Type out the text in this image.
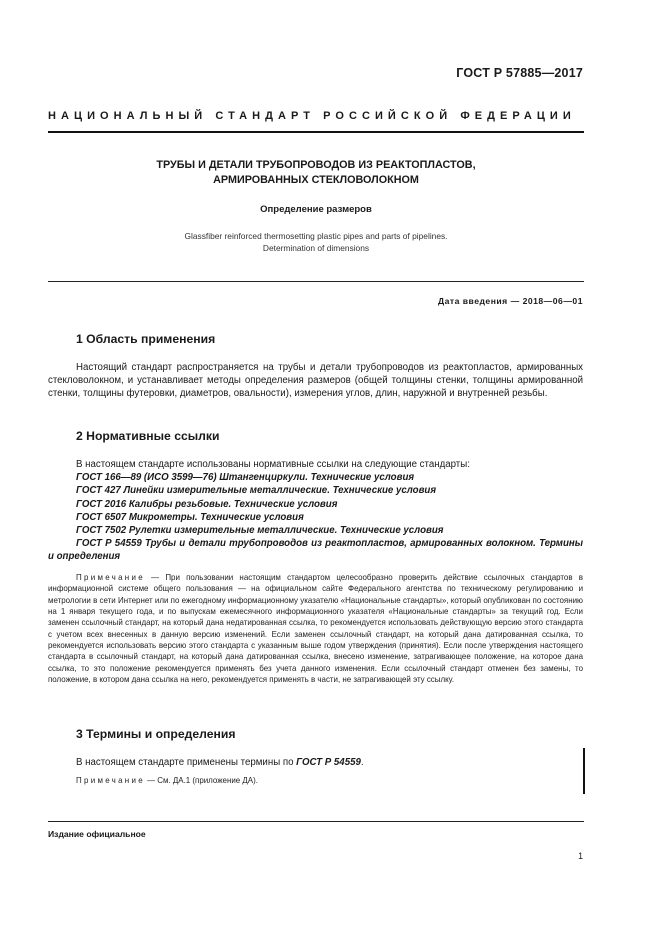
ГОСТ Р 57885—2017
НАЦИОНАЛЬНЫЙ СТАНДАРТ РОССИЙСКОЙ ФЕДЕРАЦИИ
ТРУБЫ И ДЕТАЛИ ТРУБОПРОВОДОВ ИЗ РЕАКТОПЛАСТОВ,
АРМИРОВАННЫХ СТЕКЛОВОЛОКНОМ
Определение размеров
Glassfiber reinforced thermosetting plastic pipes and parts of pipelines.
Determination of dimensions
Дата введения — 2018—06—01
1 Область применения
Настоящий стандарт распространяется на трубы и детали трубопроводов из реактопластов, армированных стекловолокном, и устанавливает методы определения размеров (общей толщины стенки, толщины армированной стенки, толщины футеровки, диаметров, овальности), измерения углов, длин, наружной и внутренней резьбы.
2 Нормативные ссылки
В настоящем стандарте использованы нормативные ссылки на следующие стандарты:
ГОСТ 166—89 (ИСО 3599—76) Штангенциркули. Технические условия
ГОСТ 427 Линейки измерительные металлические. Технические условия
ГОСТ 2016 Калибры резьбовые. Технические условия
ГОСТ 6507 Микрометры. Технические условия
ГОСТ 7502 Рулетки измерительные металлические. Технические условия
ГОСТ Р 54559 Трубы и детали трубопроводов из реактопластов, армированных волокном. Термины и определения
Примечание — При пользовании настоящим стандартом целесообразно проверить действие ссылочных стандартов в информационной системе общего пользования — на официальном сайте Федерального агентства по техническому регулированию и метрологии в сети Интернет или по ежегодному информационному указателю «Национальные стандарты», который опубликован по состоянию на 1 января текущего года, и по выпускам ежемесячного информационного указателя «Национальные стандарты» за текущий год. Если заменен ссылочный стандарт, на который дана недатированная ссылка, то рекомендуется использовать действующую версию этого стандарта с учетом всех внесенных в данную версию изменений. Если заменен ссылочный стандарт, на который дана датированная ссылка, то рекомендуется использовать версию этого стандарта с указанным выше годом утверждения (принятия). Если после утверждения настоящего стандарта в ссылочный стандарт, на который дана датированная ссылка, внесено изменение, затрагивающее положение, на которое дана ссылка, то это положение рекомендуется применять без учета данного изменения. Если ссылочный стандарт отменен без замены, то положение, в котором дана ссылка на него, рекомендуется применять в части, не затрагивающей эту ссылку.
3 Термины и определения
В настоящем стандарте применены термины по ГОСТ Р 54559.
Примечание — См. ДА.1 (приложение ДА).
Издание официальное
1
